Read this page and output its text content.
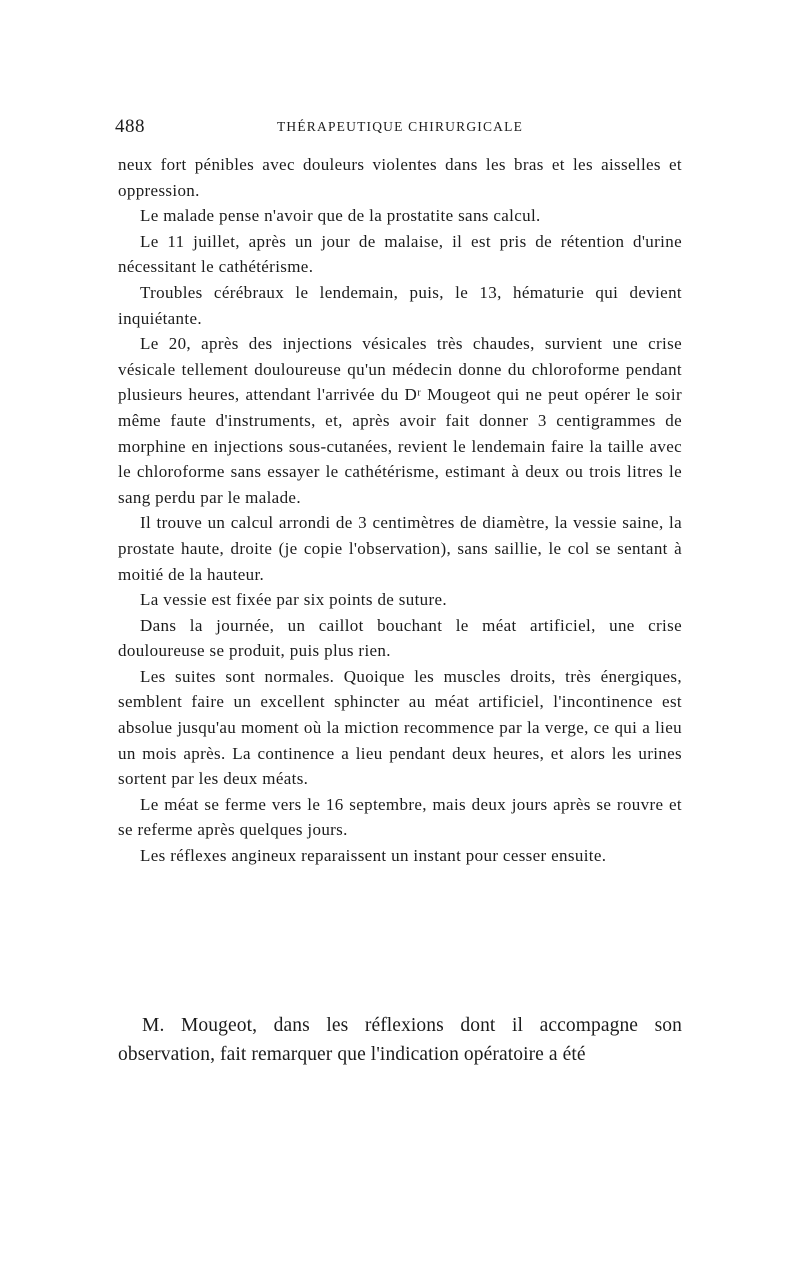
488	THÉRAPEUTIQUE CHIRURGICALE

neux fort pénibles avec douleurs violentes dans les bras et les aisselles et oppression.

Le malade pense n'avoir que de la prostatite sans calcul.

Le 11 juillet, après un jour de malaise, il est pris de rétention d'urine nécessitant le cathétérisme.

Troubles cérébraux le lendemain, puis, le 13, hématurie qui devient inquiétante.

Le 20, après des injections vésicales très chaudes, survient une crise vésicale tellement douloureuse qu'un médecin donne du chloroforme pendant plusieurs heures, attendant l'arrivée du Dʳ Mougeot qui ne peut opérer le soir même faute d'instruments, et, après avoir fait donner 3 centigrammes de morphine en injections sous-cutanées, revient le lendemain faire la taille avec le chloroforme sans essayer le cathétérisme, estimant à deux ou trois litres le sang perdu par le malade.

Il trouve un calcul arrondi de 3 centimètres de diamètre, la vessie saine, la prostate haute, droite (je copie l'observation), sans saillie, le col se sentant à moitié de la hauteur.

La vessie est fixée par six points de suture.

Dans la journée, un caillot bouchant le méat artificiel, une crise douloureuse se produit, puis plus rien.

Les suites sont normales. Quoique les muscles droits, très énergiques, semblent faire un excellent sphincter au méat artificiel, l'incontinence est absolue jusqu'au moment où la miction recommence par la verge, ce qui a lieu un mois après. La continence a lieu pendant deux heures, et alors les urines sortent par les deux méats.

Le méat se ferme vers le 16 septembre, mais deux jours après se rouvre et se referme après quelques jours.

Les réflexes angineux reparaissent un instant pour cesser ensuite.

M. Mougeot, dans les réflexions dont il accompagne son observation, fait remarquer que l'indication opératoire a été
